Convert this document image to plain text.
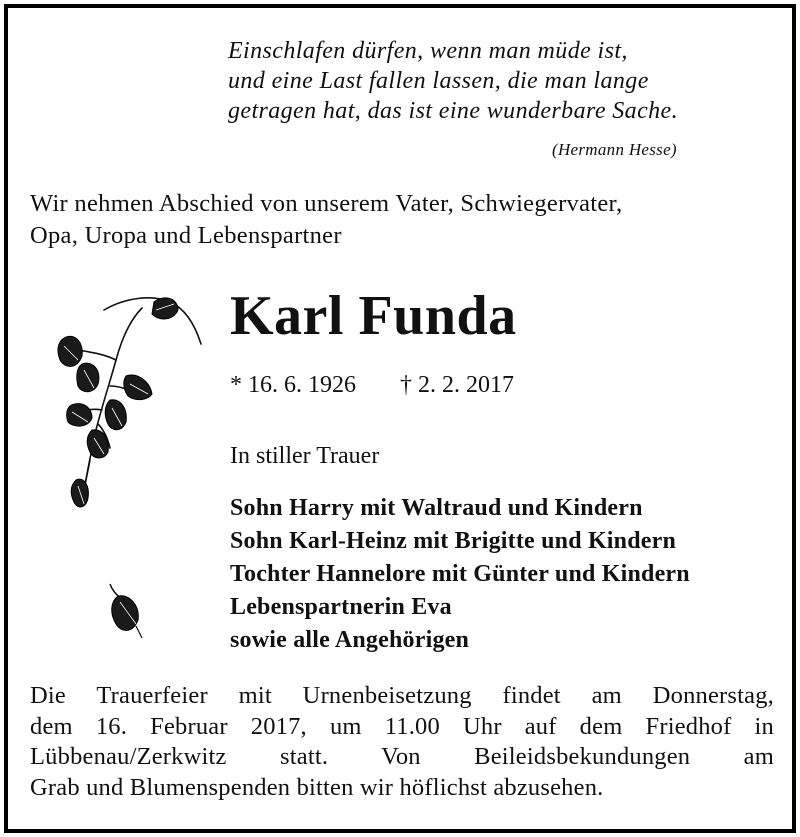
Einschlafen dürfen, wenn man müde ist,
und eine Last fallen lassen, die man lange
getragen hat, das ist eine wunderbare Sache.
(Hermann Hesse)
Wir nehmen Abschied von unserem Vater, Schwiegervater,
Opa, Uropa und Lebenspartner
Karl Funda
* 16. 6. 1926 † 2. 2. 2017
In stiller Trauer
Sohn Harry mit Waltraud und Kindern
Sohn Karl-Heinz mit Brigitte und Kindern
Tochter Hannelore mit Günter und Kindern
Lebenspartnerin Eva
sowie alle Angehörigen
Die Trauerfeier mit Urnenbeisetzung findet am Donnerstag,
dem 16. Februar 2017, um 11.00 Uhr auf dem Friedhof in
Lübbenau/Zerkwitz statt. Von Beileidsbekundungen am
Grab und Blumenspenden bitten wir höflichst abzusehen.
